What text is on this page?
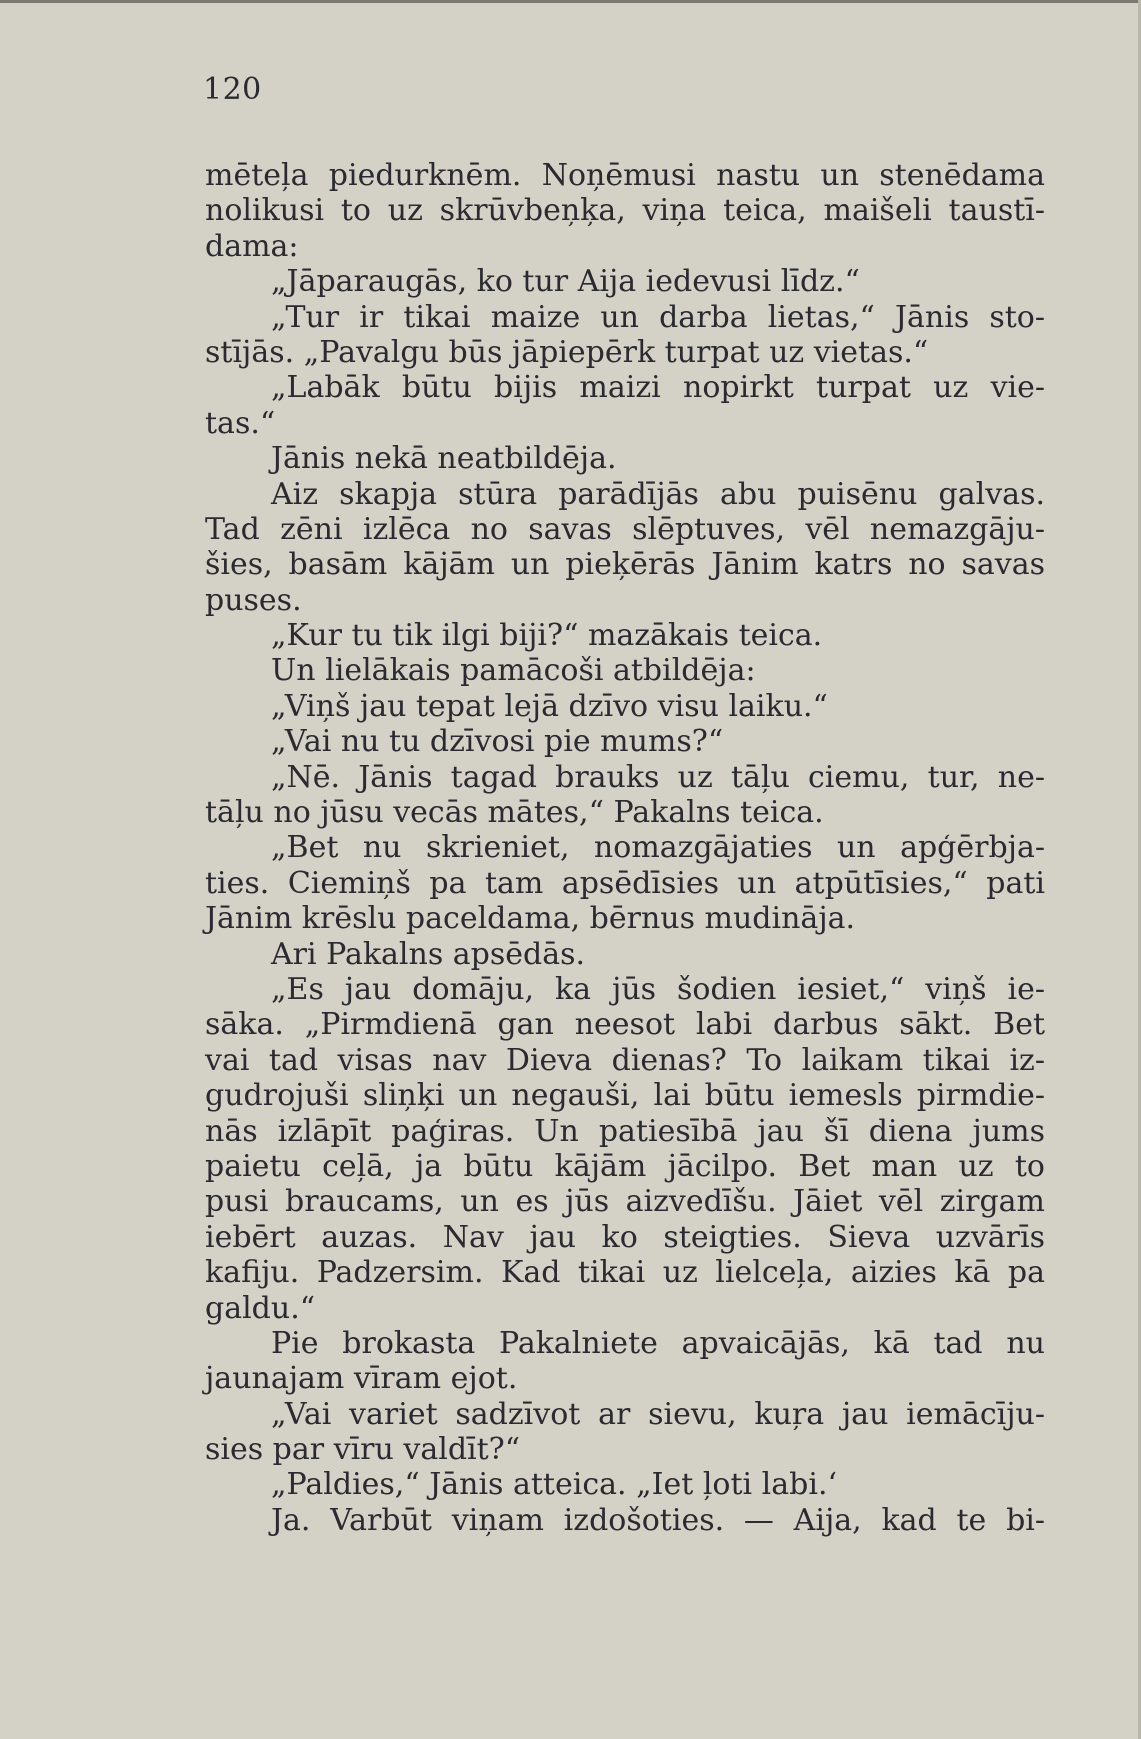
120
mēteļa piedurknēm. Noņēmusi nastu un stenēdama
nolikusi to uz skrūvbeņķa, viņa teica, maišeli taustī-
dama:
„Jāparaugās, ko tur Aija iedevusi līdz.“
„Tur ir tikai maize un darba lietas,“ Jānis sto-
stījās. „Pavalgu būs jāpiepērk turpat uz vietas.“
„Labāk būtu bijis maizi nopirkt turpat uz vie-
tas.“
Jānis nekā neatbildēja.
Aiz skapja stūra parādījās abu puisēnu galvas.
Tad zēni izlēca no savas slēptuves, vēl nemazgāju-
šies, basām kājām un pieķērās Jānim katrs no savas
puses.
„Kur tu tik ilgi biji?“ mazākais teica.
Un lielākais pamācoši atbildēja:
„Viņš jau tepat lejā dzīvo visu laiku.“
„Vai nu tu dzīvosi pie mums?“
„Nē. Jānis tagad brauks uz tāļu ciemu, tur, ne-
tāļu no jūsu vecās mātes,“ Pakalns teica.
„Bet nu skrieniet, nomazgājaties un apģērbja-
ties. Ciemiņš pa tam apsēdīsies un atpūtīsies,“ pati
Jānim krēslu paceldama, bērnus mudināja.
Ari Pakalns apsēdās.
„Es jau domāju, ka jūs šodien iesiet,“ viņš ie-
sāka. „Pirmdienā gan neesot labi darbus sākt. Bet
vai tad visas nav Dieva dienas? To laikam tikai iz-
gudrojuši sliņķi un negauši, lai būtu iemesls pirmdie-
nās izlāpīt paģiras. Un patiesībā jau šī diena jums
paietu ceļā, ja būtu kājām jācilpo. Bet man uz to
pusi braucams, un es jūs aizvedīšu. Jāiet vēl zirgam
iebērt auzas. Nav jau ko steigties. Sieva uzvārīs
kafiju. Padzersim. Kad tikai uz lielceļa, aizies kā pa
galdu.“
Pie brokasta Pakalniete apvaicājās, kā tad nu
jaunajam vīram ejot.
„Vai variet sadzīvot ar sievu, kuŗa jau iemācīju-
sies par vīru valdīt?“
„Paldies,“ Jānis atteica. „Iet ļoti labi.‘
Ja. Varbūt viņam izdošoties. — Aija, kad te bi-
